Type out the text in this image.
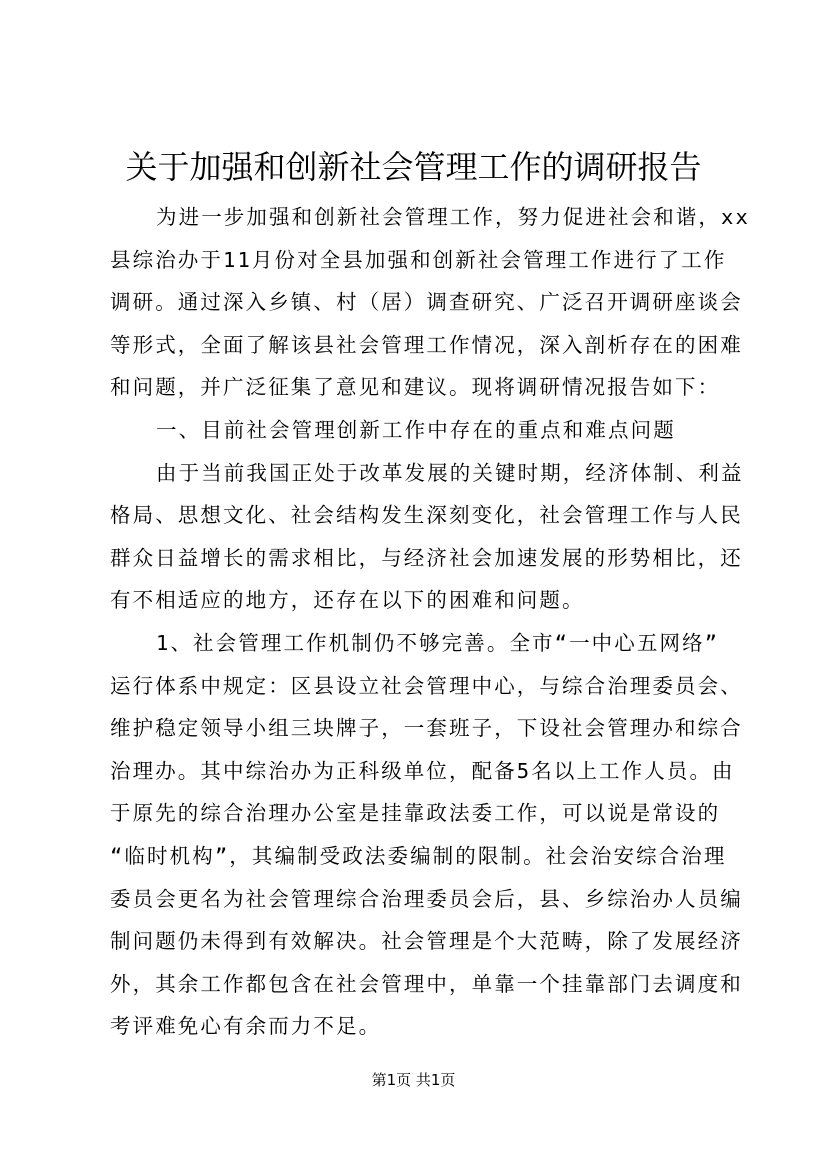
关于加强和创新社会管理工作的调研报告
为进一步加强和创新社会管理工作，努力促进社会和谐，xx
县综治办于11月份对全县加强和创新社会管理工作进行了工作
调研。通过深入乡镇、村（居）调查研究、广泛召开调研座谈会
等形式，全面了解该县社会管理工作情况，深入剖析存在的困难
和问题，并广泛征集了意见和建议。现将调研情况报告如下：
一、目前社会管理创新工作中存在的重点和难点问题
由于当前我国正处于改革发展的关键时期，经济体制、利益
格局、思想文化、社会结构发生深刻变化，社会管理工作与人民
群众日益增长的需求相比，与经济社会加速发展的形势相比，还
有不相适应的地方，还存在以下的困难和问题。
1、社会管理工作机制仍不够完善。全市“一中心五网络”
运行体系中规定：区县设立社会管理中心，与综合治理委员会、
维护稳定领导小组三块牌子，一套班子，下设社会管理办和综合
治理办。其中综治办为正科级单位，配备5名以上工作人员。由
于原先的综合治理办公室是挂靠政法委工作，可以说是常设的
“临时机构”，其编制受政法委编制的限制。社会治安综合治理
委员会更名为社会管理综合治理委员会后，县、乡综治办人员编
制问题仍未得到有效解决。社会管理是个大范畴，除了发展经济
外，其余工作都包含在社会管理中，单靠一个挂靠部门去调度和
考评难免心有余而力不足。
第1页 共1页
